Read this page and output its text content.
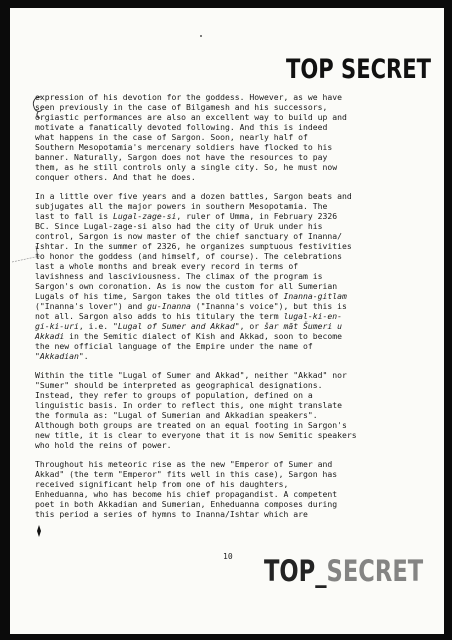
TOP SECRET

expression of his devotion for the goddess. However, as we have
seen previously in the case of Bilgamesh and his successors,
orgiastic performances are also an excellent way to build up and
motivate a fanatically devoted following. And this is indeed
what happens in the case of Sargon. Soon, nearly half of
Southern Mesopotamia's mercenary soldiers have flocked to his
banner. Naturally, Sargon does not have the resources to pay
them, as he still controls only a single city. So, he must now
conquer others. And that he does.

In a little over five years and a dozen battles, Sargon beats and
subjugates all the major powers in southern Mesopotamia. The
last to fall is Lugal-zage-si, ruler of Umma, in February 2326
BC. Since Lugal-zage-si also had the city of Uruk under his
control, Sargon is now master of the chief sanctuary of Inanna/
Ishtar. In the summer of 2326, he organizes sumptuous festivities
to honor the goddess (and himself, of course). The celebrations
last a whole months and break every record in terms of
lavishness and lasciviousness. The climax of the program is
Sargon's own coronation. As is now the custom for all Sumerian
Lugals of his time, Sargon takes the old titles of Inanna-gitlam
("Inanna's lover") and gu-Inanna ("Inanna's voice"), but this is
not all. Sargon also adds to his titulary the term lugal-ki-en-
gi-ki-uri, i.e. "Lugal of Sumer and Akkad", or šar māt Šumeri u
Akkadi in the Semitic dialect of Kish and Akkad, soon to become
the new official language of the Empire under the name of
"Akkadian".

Within the title "Lugal of Sumer and Akkad", neither "Akkad" nor
"Sumer" should be interpreted as geographical designations.
Instead, they refer to groups of population, defined on a
linguistic basis. In order to reflect this, one might translate
the formula as: "Lugal of Sumerian and Akkadian speakers".
Although both groups are treated on an equal footing in Sargon's
new title, it is clear to everyone that it is now Semitic speakers
who hold the reins of power.

Throughout his meteoric rise as the new "Emperor of Sumer and
Akkad" (the term "Emperor" fits well in this case), Sargon has
received significant help from one of his daughters,
Enheduanna, who has become his chief propagandist. A competent
poet in both Akkadian and Sumerian, Enheduanna composes during
this period a series of hymns to Inanna/Ishtar which are

10 TOP_SECRET
